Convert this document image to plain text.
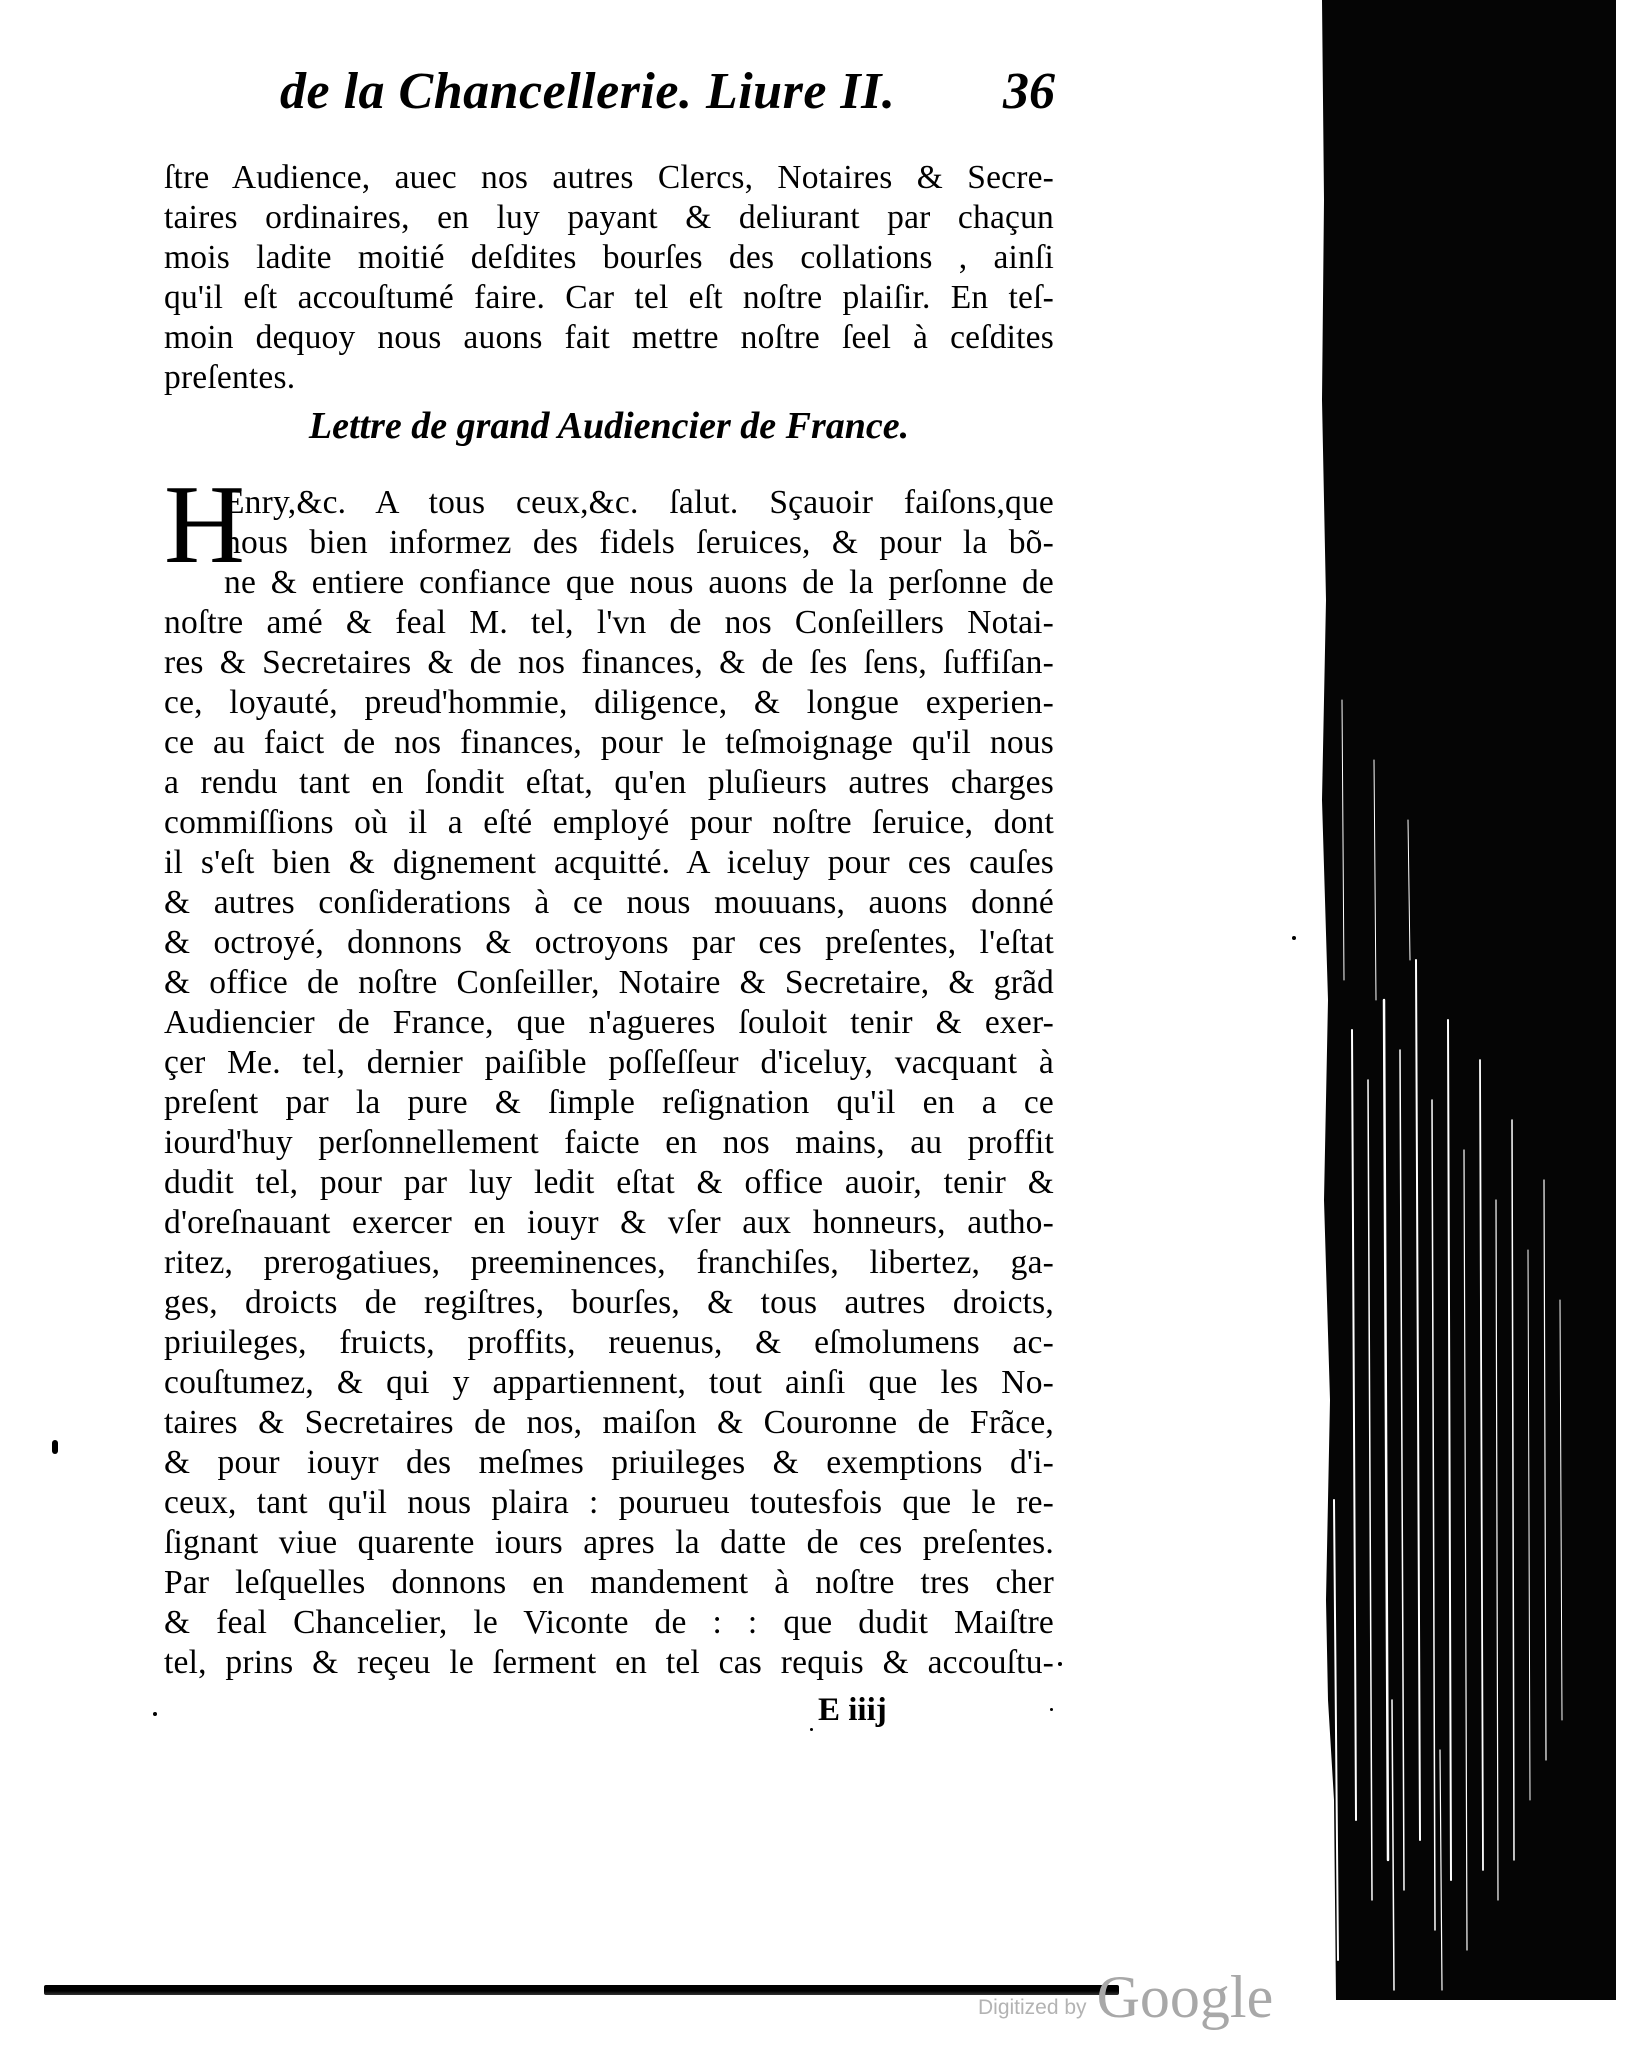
de la Chancellerie. Liure II. 36
ſtre Audience, auec nos autres Clercs, Notaires & Secre-
taires ordinaires, en luy payant & deliurant par chaçun
mois ladite moitié deſdites bourſes des collations , ainſi
qu'il eſt accouſtumé faire. Car tel eſt noſtre plaiſir. En teſ-
moin dequoy nous auons fait mettre noſtre ſeel à ceſdites
preſentes.
Lettre de grand Audiencier de France.
H
Enry,&c. A tous ceux,&c. ſalut. Sçauoir faiſons,que
nous bien informez des fidels ſeruices, & pour la bõ-
ne & entiere confiance que nous auons de la perſonne de
noſtre amé & feal M. tel, l'vn de nos Conſeillers Notai-
res & Secretaires & de nos finances, & de ſes ſens, ſuffiſan-
ce, loyauté, preud'hommie, diligence, & longue experien-
ce au faict de nos finances, pour le teſmoignage qu'il nous
a rendu tant en ſondit eſtat, qu'en pluſieurs autres charges
commiſſions où il a eſté employé pour noſtre ſeruice, dont
il s'eſt bien & dignement acquitté. A iceluy pour ces cauſes
& autres conſiderations à ce nous mouuans, auons donné
& octroyé, donnons & octroyons par ces preſentes, l'eſtat
& office de noſtre Conſeiller, Notaire & Secretaire, & grãd
Audiencier de France, que n'agueres ſouloit tenir & exer-
çer Me. tel, dernier paiſible poſſeſſeur d'iceluy, vacquant à
preſent par la pure & ſimple reſignation qu'il en a ce
iourd'huy perſonnellement faicte en nos mains, au proffit
dudit tel, pour par luy ledit eſtat & office auoir, tenir &
d'oreſnauant exercer en iouyr & vſer aux honneurs, autho-
ritez, prerogatiues, preeminences, franchiſes, libertez, ga-
ges, droicts de regiſtres, bourſes, & tous autres droicts,
priuileges, fruicts, proffits, reuenus, & eſmolumens ac-
couſtumez, & qui y appartiennent, tout ainſi que les No-
taires & Secretaires de nos, maiſon & Couronne de Frãce,
& pour iouyr des meſmes priuileges & exemptions d'i-
ceux, tant qu'il nous plaira : pourueu toutesfois que le re-
ſignant viue quarente iours apres la datte de ces preſentes.
Par leſquelles donnons en mandement à noſtre tres cher
& feal Chancelier, le Viconte de : : que dudit Maiſtre
tel, prins & reçeu le ſerment en tel cas requis & accouſtu-
E iiij
Digitized by Google
